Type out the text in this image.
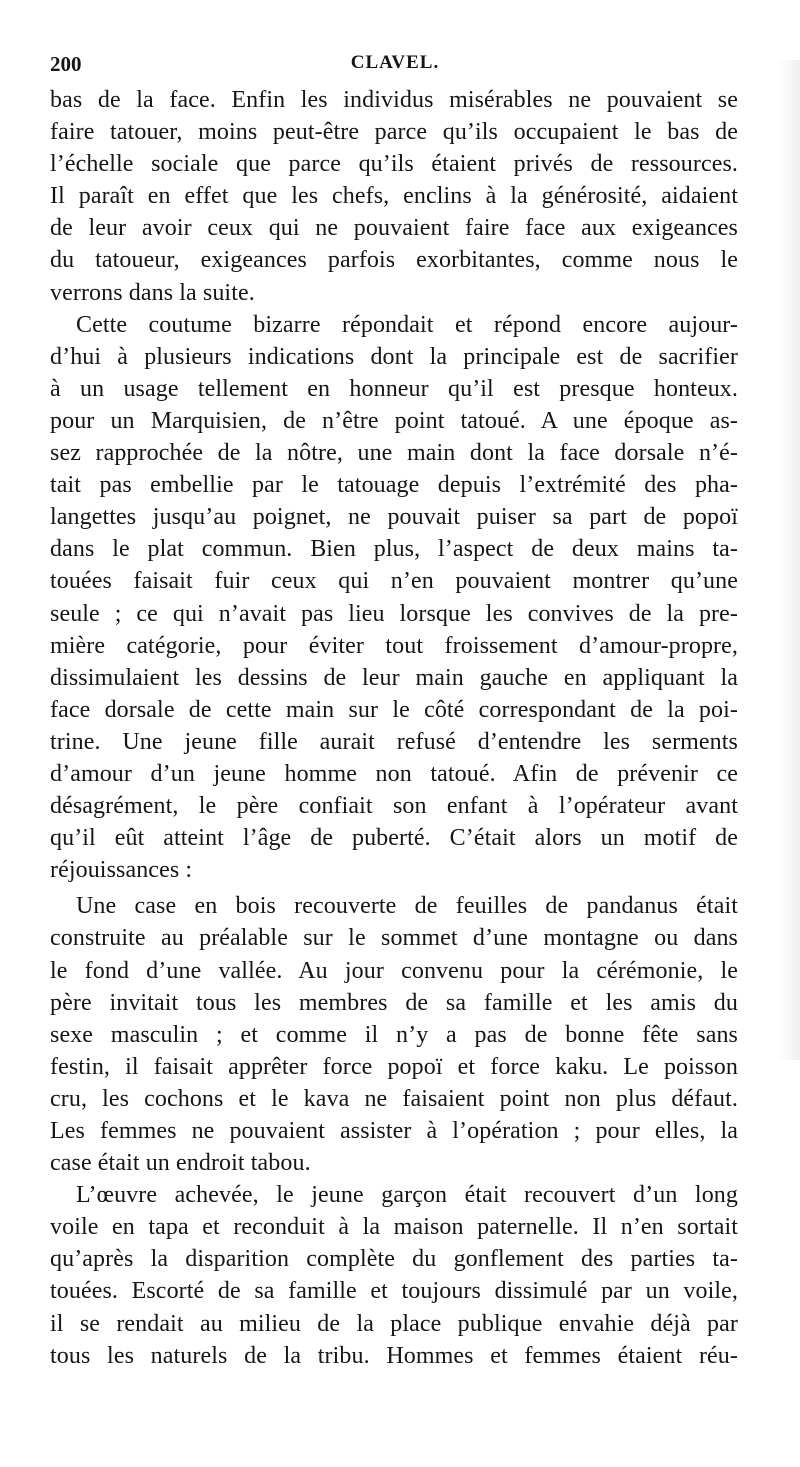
200	CLAVEL.
bas de la face. Enfin les individus misérables ne pouvaient se
faire tatouer, moins peut-être parce qu’ils occupaient le bas de
l’échelle sociale que parce qu’ils étaient privés de ressources.
Il paraît en effet que les chefs, enclins à la générosité, aidaient
de leur avoir ceux qui ne pouvaient faire face aux exigeances
du tatoueur, exigeances parfois exorbitantes, comme nous le
verrons dans la suite.
Cette coutume bizarre répondait et répond encore aujour-
d’hui à plusieurs indications dont la principale est de sacrifier
à un usage tellement en honneur qu’il est presque honteux.
pour un Marquisien, de n’être point tatoué. A une époque as-
sez rapprochée de la nôtre, une main dont la face dorsale n’é-
tait pas embellie par le tatouage depuis l’extrémité des pha-
langettes jusqu’au poignet, ne pouvait puiser sa part de popoï
dans le plat commun. Bien plus, l’aspect de deux mains ta-
touées faisait fuir ceux qui n’en pouvaient montrer qu’une
seule ; ce qui n’avait pas lieu lorsque les convives de la pre-
mière catégorie, pour éviter tout froissement d’amour-propre,
dissimulaient les dessins de leur main gauche en appliquant la
face dorsale de cette main sur le côté correspondant de la poi-
trine. Une jeune fille aurait refusé d’entendre les serments
d’amour d’un jeune homme non tatoué. Afin de prévenir ce
désagrément, le père confiait son enfant à l’opérateur avant
qu’il eût atteint l’âge de puberté. C’était alors un motif de
réjouissances :
Une case en bois recouverte de feuilles de pandanus était
construite au préalable sur le sommet d’une montagne ou dans
le fond d’une vallée. Au jour convenu pour la cérémonie, le
père invitait tous les membres de sa famille et les amis du
sexe masculin ; et comme il n’y a pas de bonne fête sans
festin, il faisait apprêter force popoï et force kaku. Le poisson
cru, les cochons et le kava ne faisaient point non plus défaut.
Les femmes ne pouvaient assister à l’opération ; pour elles, la
case était un endroit tabou.
L’œuvre achevée, le jeune garçon était recouvert d’un long
voile en tapa et reconduit à la maison paternelle. Il n’en sortait
qu’après la disparition complète du gonflement des parties ta-
touées. Escorté de sa famille et toujours dissimulé par un voile,
il se rendait au milieu de la place publique envahie déjà par
tous les naturels de la tribu. Hommes et femmes étaient réu-
